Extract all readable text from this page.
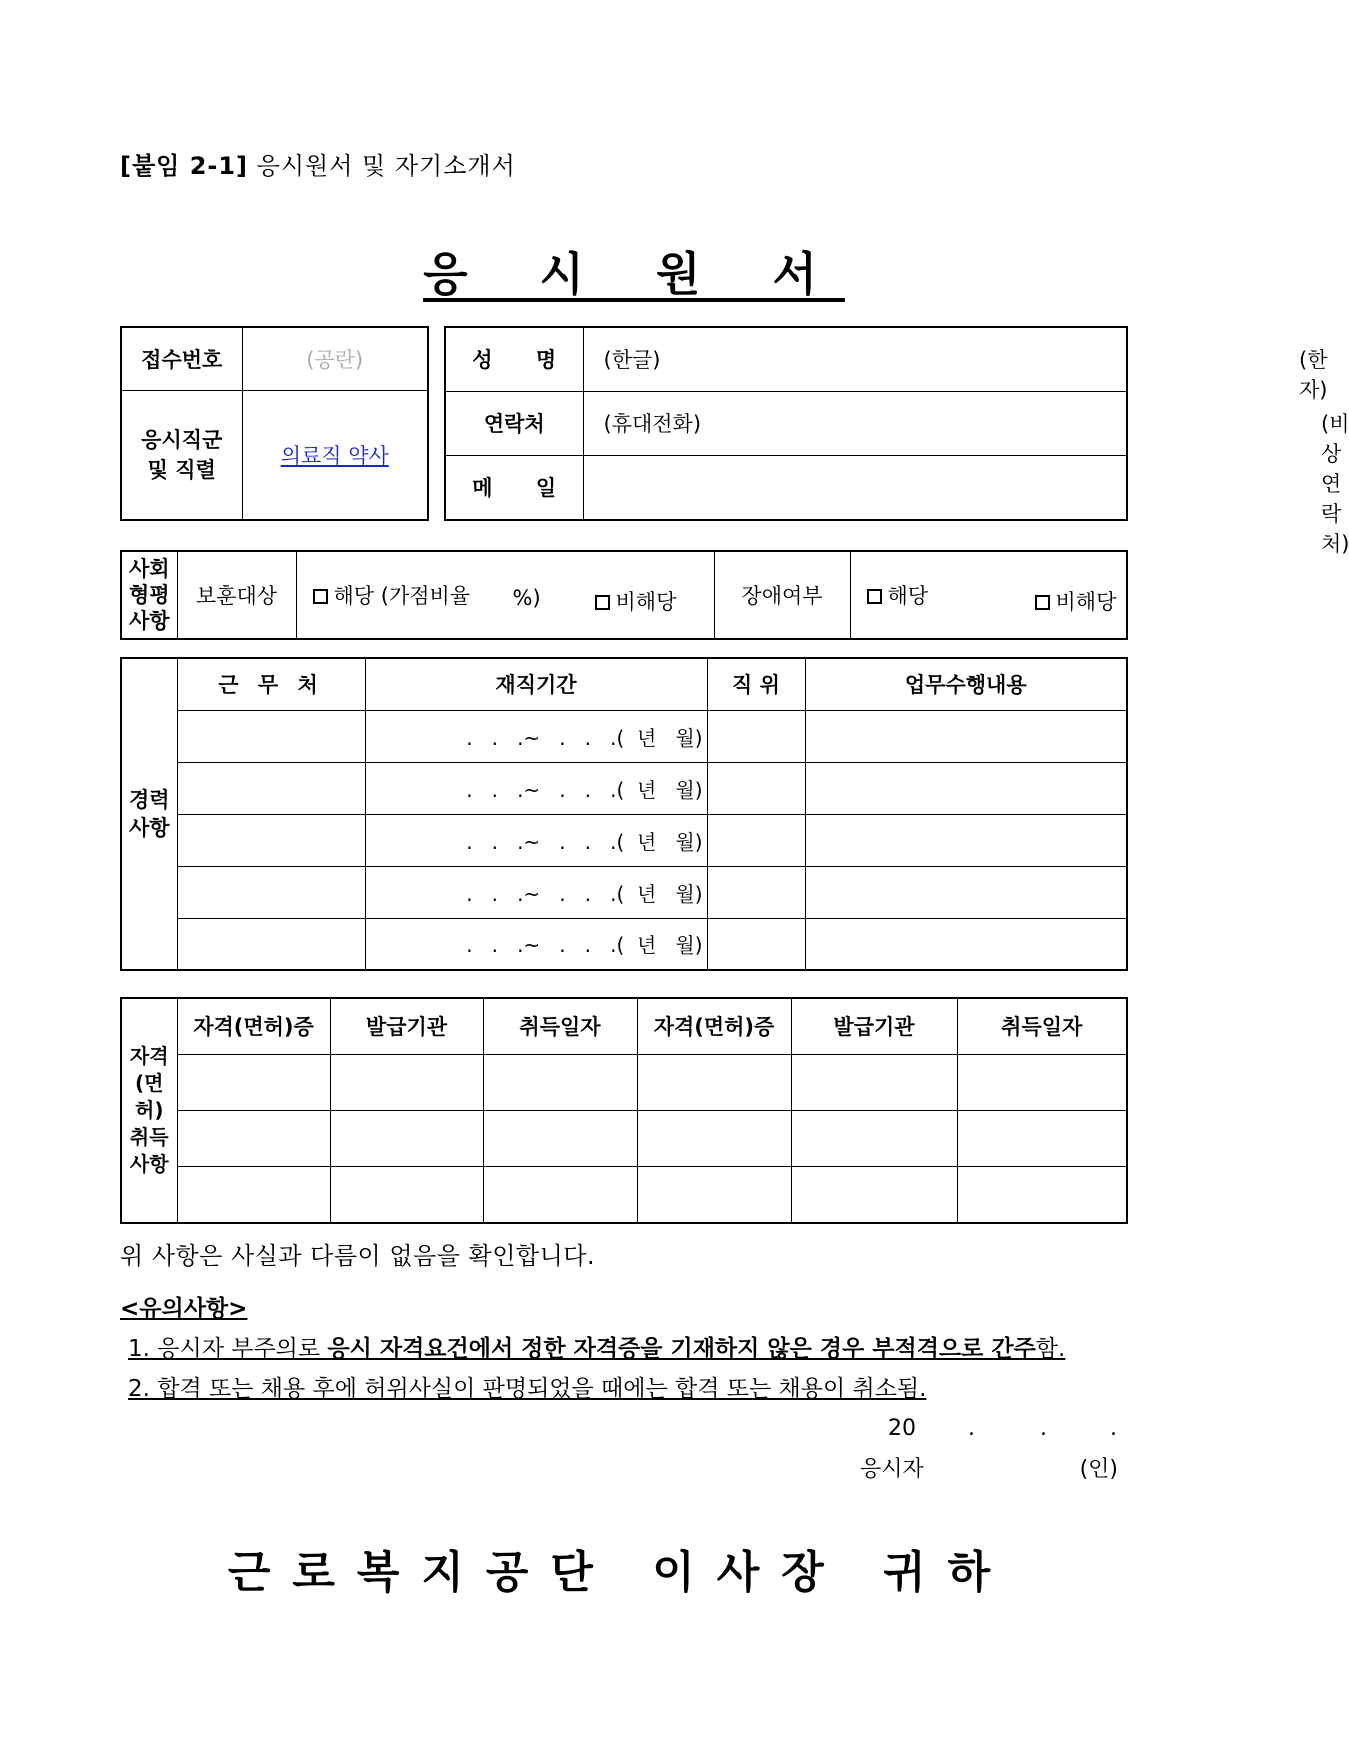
[붙임 2-1] 응시원서 및 자기소개서
응 시 원 서
접수번호	(공란)

응시직군
및 직렬	의료직 약사
성 명	(한글) (한자)

연락처	(휴대전화) (비상연락처)

메 일	
사회
형평
사항
	보훈대상	해당 (가점비율 %)	비해당	장애여부	해당	비해당
경력
사항	근 무 처	재직기간	직 위	업무수행내용
		.   .   .~   .   .   .(  년   월)		
		.   .   .~   .   .   .(  년   월)		
		.   .   .~   .   .   .(  년   월)		
		.   .   .~   .   .   .(  년   월)		
		.   .   .~   .   .   .(  년   월)		
자격
(면허)
취득
사항	자격(면허)증	발급기관	취득일자	자격(면허)증	발급기관	취득일자

위 사항은 사실과 다름이 없음을 확인합니다.
<유의사항>
1. 응시자 부주의로 응시 자격요건에서 정한 자격증을 기재하지 않은 경우 부적격으로 간주함.
2. 합격 또는 채용 후에 허위사실이 판명되었을 때에는 합격 또는 채용이 취소됨.
20 .	.	.
응시자	(인)
근로복지공단 이사장 귀하
